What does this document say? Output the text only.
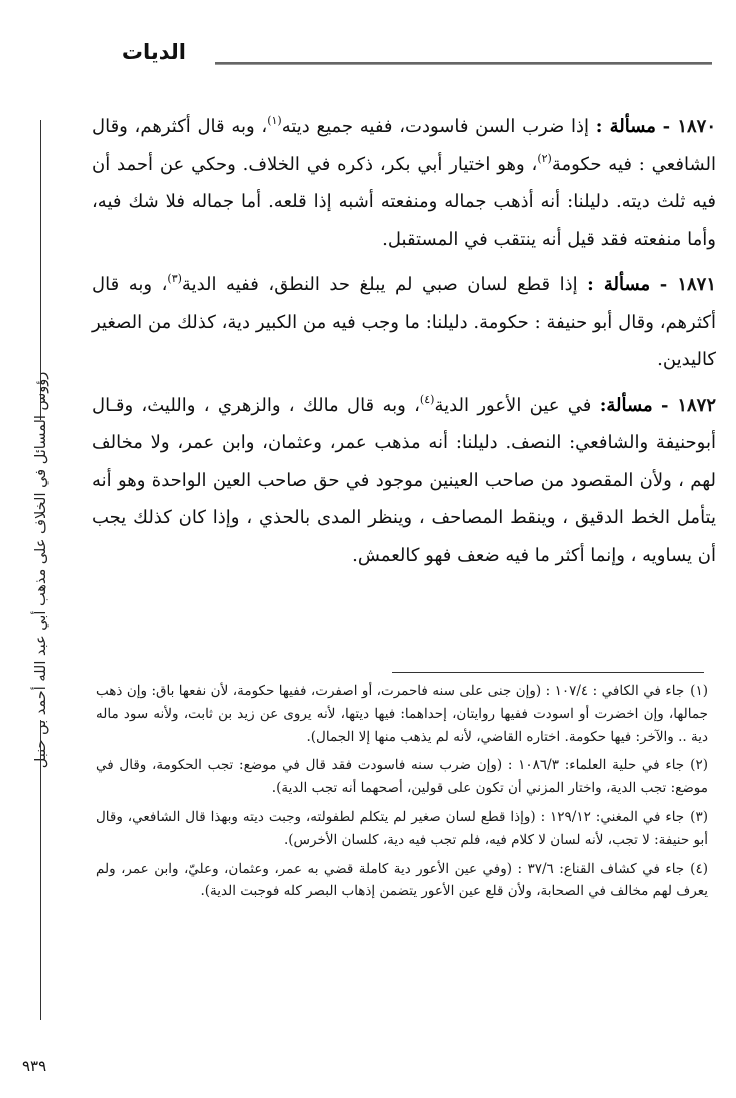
الديات
رؤوس المسائل في الخلاف على مذهب أبي عبد الله أحمد بن حنبل

١٨٧٠ - مسألة : إذا ضرب السن فاسودت، ففيه جميع ديته$^{(١)}$، وبه قال أكثرهم، وقال الشافعي : فيه حكومة$^{(٢)}$، وهو اختيار أبي بكر، ذكره في الخلاف. وحكي عن أحمد أن فيه ثلث ديته. دليلنا: أنه أذهب جماله ومنفعته أشبه إذا قلعه. أما جماله فلا شك فيه، وأما منفعته فقد قيل أنه ينتقب في المستقبل.

١٨٧١ - مسألة : إذا قطع لسان صبي لم يبلغ حد النطق، ففيه الدية$^{(٣)}$، وبه قال أكثرهم، وقال أبو حنيفة : حكومة. دليلنا: ما وجب فيه من الكبير دية، كذلك من الصغير كاليدين.

١٨٧٢ - مسألة: في عين الأعور الدية$^{(٤)}$، وبه قال مالك ، والزهري ، والليث، وقـال أبوحنيفة والشافعي: النصف. دليلنا: أنه مذهب عمر، وعثمان، وابن عمر، ولا مخالف لهم ، ولأن المقصود من صاحب العينين موجود في حق صاحب العين الواحدة وهو أنه يتأمل الخط الدقيق ، وينقط المصاحف ، وينظر المدى بالحذي ، وإذا كان كذلك يجب أن يساويه ، وإنما أكثر ما فيه ضعف فهو كالعمش.

(١)جاء في الكافي : ١٠٧/٤ : (وإن جنى على سنه فاحمرت، أو اصفرت، ففيها حكومة، لأن نفعها باق: وإن ذهب جمالها، وإن اخضرت أو اسودت ففيها روايتان، إحداهما: فيها ديتها، لأنه يروى عن زيد بن ثابت، ولأنه سود ماله دية .. والآخر: فيها حكومة. اختاره القاضي، لأنه لم يذهب منها إلا الجمال).

(٢)جاء في حلية العلماء: ١٠٨٦/٣ : (وإن ضرب سنه فاسودت فقد قال في موضع: تجب الحكومة، وقال في موضع: تجب الدية، واختار المزني أن تكون على قولين، أصحهما أنه تجب الدية).

(٣)جاء في المغني: ١٢٩/١٢ : (وإذا قطع لسان صغير لم يتكلم لطفولته، وجبت ديته وبهذا قال الشافعي، وقال أبو حنيفة: لا تجب، لأنه لسان لا كلام فيه، فلم تجب فيه دية، كلسان الأخرس).

(٤)جاء في كشاف القناع: ٣٧/٦ : (وفي عين الأعور دية كاملة قضي به عمر، وعثمان، وعليّ، وابن عمر، ولم يعرف لهم مخالف في الصحابة، ولأن قلع عين الأعور يتضمن إذهاب البصر كله فوجبت الدية).

٩٣٩
